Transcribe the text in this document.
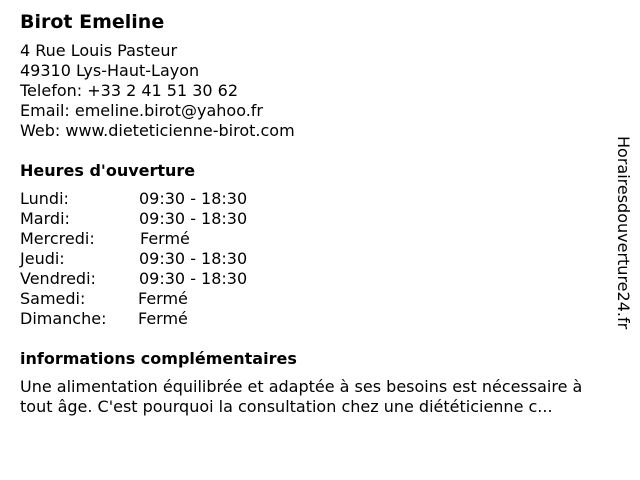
Birot Emeline
4 Rue Louis Pasteur
49310 Lys-Haut-Layon
Telefon: +33 2 41 51 30 62
Email: emeline.birot@yahoo.fr
Web: www.dieteticienne-birot.com
Heures d'ouverture
Lundi:	09:30 - 18:30
Mardi:	09:30 - 18:30
Mercredi:	Fermé
Jeudi:	09:30 - 18:30
Vendredi:	09:30 - 18:30
Samedi:	Fermé
Dimanche:	Fermé
informations complémentaires
Une alimentation équilibrée et adaptée à ses besoins est nécessaire à
tout âge. C'est pourquoi la consultation chez une diététicienne c...
Horairesdouverture24.fr
